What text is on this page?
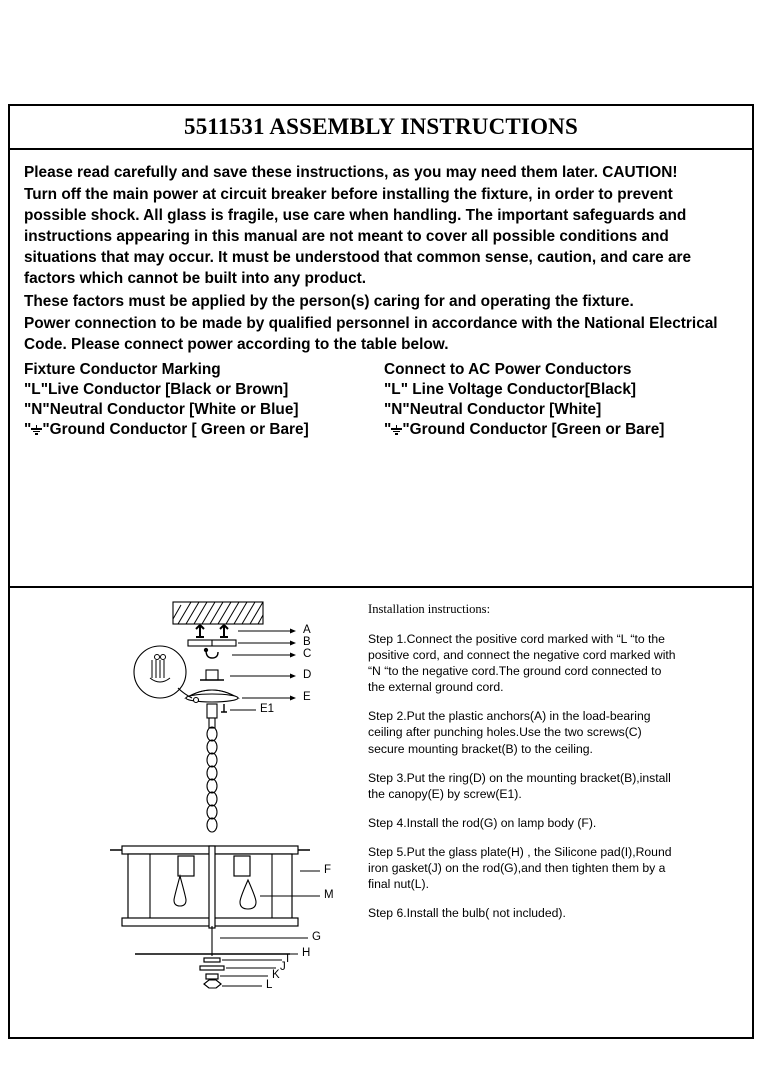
5511531 ASSEMBLY INSTRUCTIONS

Please read carefully and save these instructions, as you may need them later. CAUTION!

Turn off the main power at circuit breaker before installing the fixture, in order to prevent possible shock. All glass is fragile, use care when handling. The important safeguards and instructions appearing in this manual are not meant to cover all possible conditions and situations that may occur. It must be understood that common sense, caution, and care are factors which cannot be built into any product.

These factors must be applied by the person(s) caring for and operating the fixture.

Power connection to be made by qualified personnel in accordance with the National Electrical Code. Please connect power according to the table below.

Fixture Conductor Marking	Connect to AC Power Conductors
"L"Live Conductor [Black or Brown]	"L" Line Voltage Conductor[Black]
"N"Neutral Conductor [White or Blue]	"N"Neutral Conductor [White]
" "Ground Conductor [ Green or Bare]	" "Ground Conductor [Green or Bare]
A
B
C
D
E
E1
F
M
G
H
I
J
K
L
Installation instructions:
Step 1.Connect the positive cord marked with “L “to the positive cord, and connect the negative cord marked with “N “to the negative cord.The ground cord connected to the external ground cord.
Step 2.Put the plastic anchors(A) in the load-bearing ceiling after punching holes.Use the two screws(C) secure mounting bracket(B) to the ceiling.
Step 3.Put the ring(D) on the mounting bracket(B),install the canopy(E) by screw(E1).
Step 4.Install the rod(G) on lamp body (F).
Step 5.Put the glass plate(H) , the Silicone pad(I),Round iron gasket(J) on the rod(G),and then tighten them by a final nut(L).
Step 6.Install the bulb( not included).
